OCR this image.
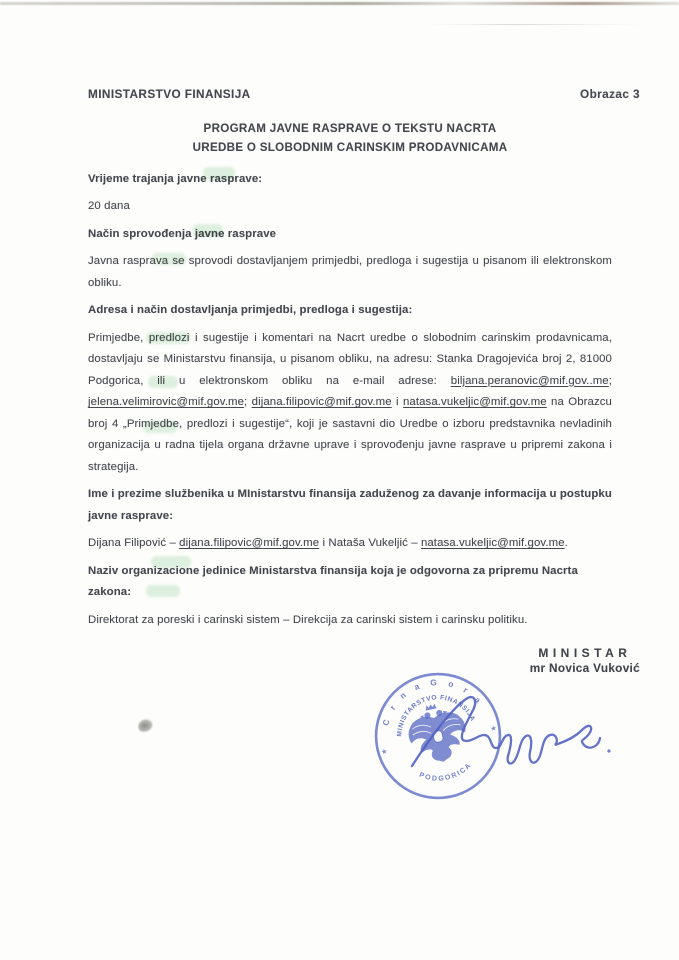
MINISTARSTVO FINANSIJA	Obrazac 3
PROGRAM JAVNE RASPRAVE O TEKSTU NACRTA
UREDBE O SLOBODNIM CARINSKIM PRODAVNICAMA

Vrijeme trajanja javne rasprave:

20 dana

Način sprovođenja javne rasprave

Javna rasprava se sprovodi dostavljanjem primjedbi, predloga i sugestija u pisanom ili elektronskom obliku.

Adresa i način dostavljanja primjedbi, predloga i sugestija:

Primjedbe, predlozi i sugestije i komentari na Nacrt uredbe o slobodnim carinskim prodavnicama, dostavljaju se Ministarstvu finansija, u pisanom obliku, na adresu: Stanka Dragojevića broj 2, 81000 Podgorica, ili u elektronskom obliku na e-mail adrese: biljana.peranovic@mif.gov..me; jelena.velimirovic@mif.gov.me; dijana.filipovic@mif.gov.me i natasa.vukeljic@mif.gov.me na Obrazcu broj 4 „Primjedbe, predlozi i sugestije“, koji je sastavni dio Uredbe o izboru predstavnika nevladinih organizacija u radna tijela organa državne uprave i sprovođenju javne rasprave u pripremi zakona i strategija.

Ime i prezime službenika u MInistarstvu finansija zaduženog za davanje informacija u postupku javne rasprave:

Dijana Filipović – dijana.filipovic@mif.gov.me i Nataša Vukeljić – natasa.vukeljic@mif.gov.me.

Naziv organizacione jedinice Ministarstva finansija koja je odgovorna za pripremu Nacrta zakona:

Direktorat za poreski i carinski sistem – Direkcija za carinski sistem i carinsku politiku.

MINISTAR
mr Novica Vuković
C r n a G o r a
MINISTARSTVO FINANSIJA
PODGORICA
★
★
